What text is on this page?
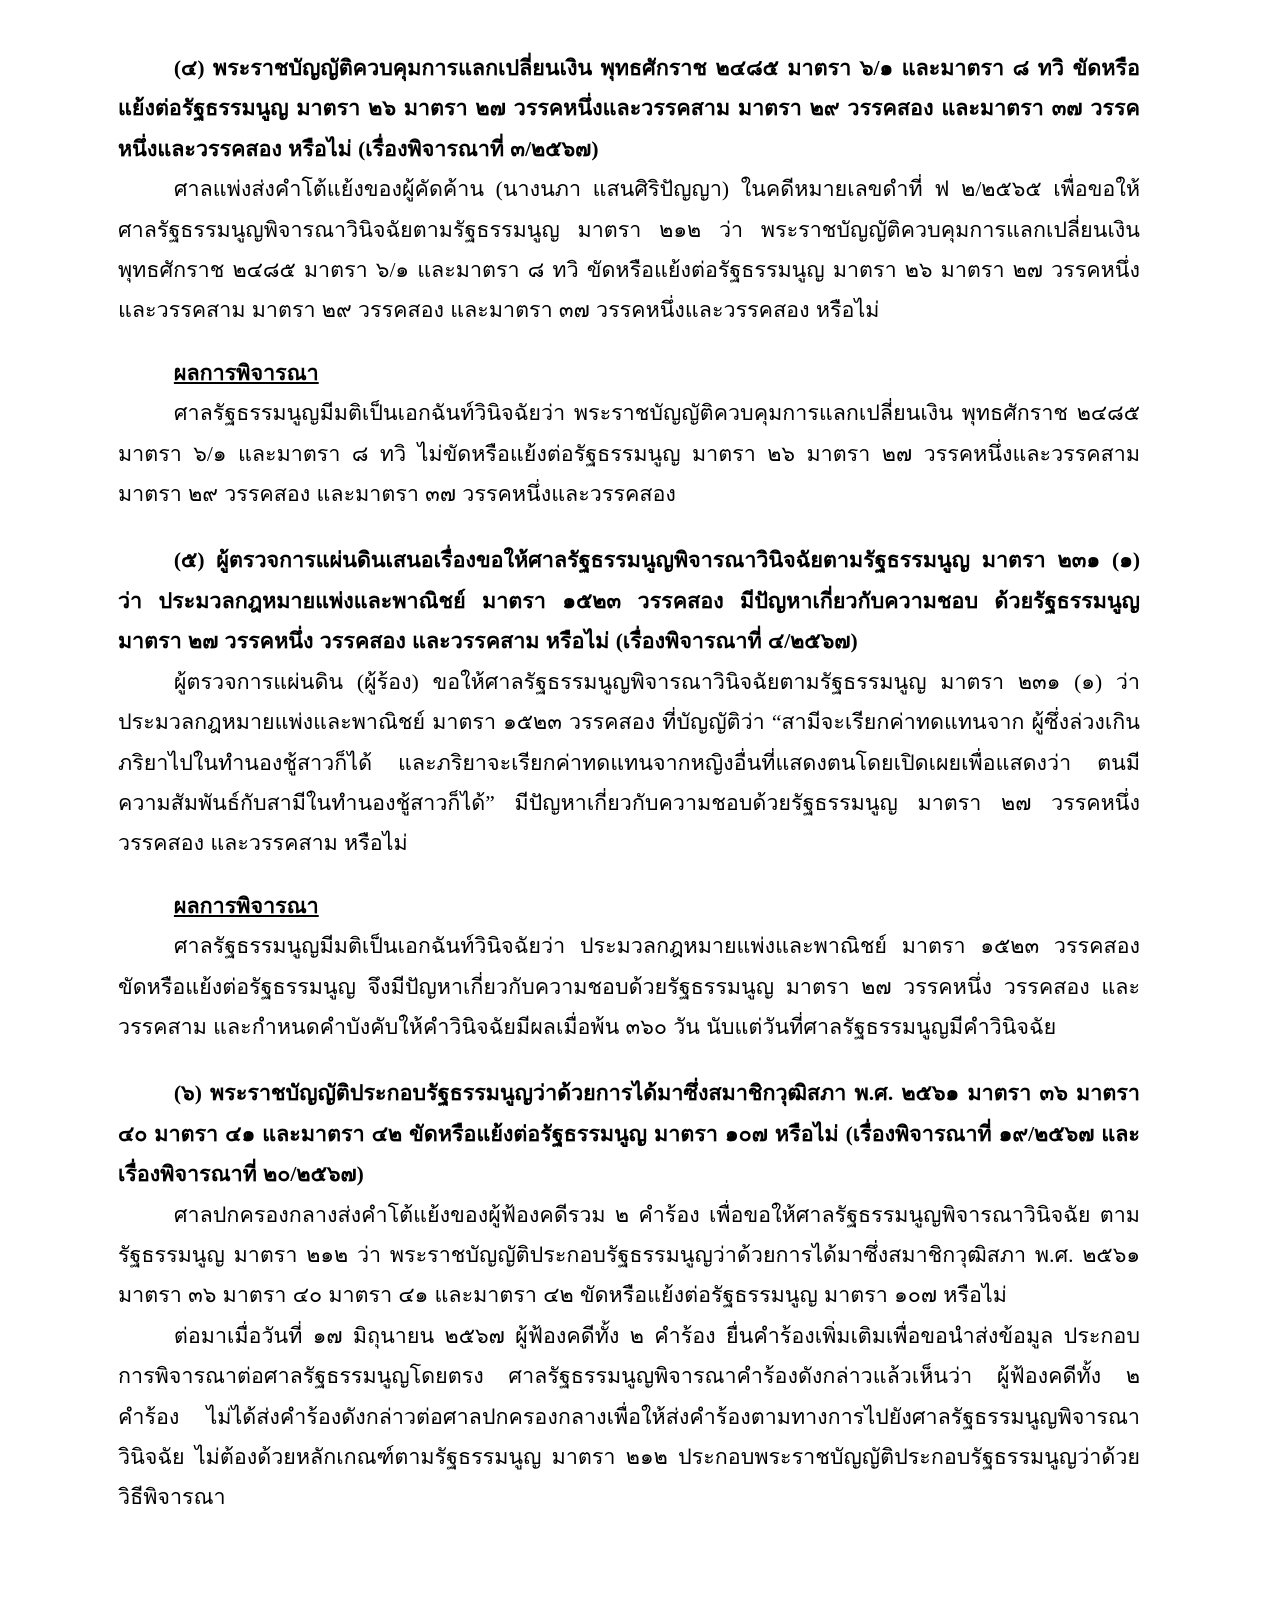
(๔) พระราชบัญญัติควบคุมการแลกเปลี่ยนเงิน พุทธศักราช ๒๔๘๕ มาตรา ๖/๑ และมาตรา ๘ ทวิ ขัดหรือแย้งต่อรัฐธรรมนูญ มาตรา ๒๖ มาตรา ๒๗ วรรคหนึ่งและวรรคสาม มาตรา ๒๙ วรรคสอง และมาตรา ๓๗ วรรคหนึ่งและวรรคสอง หรือไม่ (เรื่องพิจารณาที่ ๓/๒๕๖๗)

ศาลแพ่งส่งคำโต้แย้งของผู้คัดค้าน (นางนภา แสนศิริปัญญา) ในคดีหมายเลขดำที่ ฟ ๒/๒๕๖๕ เพื่อขอให้ศาลรัฐธรรมนูญพิจารณาวินิจฉัยตามรัฐธรรมนูญ มาตรา ๒๑๒ ว่า พระราชบัญญัติควบคุมการแลกเปลี่ยนเงิน พุทธศักราช ๒๔๘๕ มาตรา ๖/๑ และมาตรา ๘ ทวิ ขัดหรือแย้งต่อรัฐธรรมนูญ มาตรา ๒๖ มาตรา ๒๗ วรรคหนึ่งและวรรคสาม มาตรา ๒๙ วรรคสอง และมาตรา ๓๗ วรรคหนึ่งและวรรคสอง หรือไม่

ผลการพิจารณา

ศาลรัฐธรรมนูญมีมติเป็นเอกฉันท์วินิจฉัยว่า พระราชบัญญัติควบคุมการแลกเปลี่ยนเงิน พุทธศักราช ๒๔๘๕ มาตรา ๖/๑ และมาตรา ๘ ทวิ ไม่ขัดหรือแย้งต่อรัฐธรรมนูญ มาตรา ๒๖ มาตรา ๒๗ วรรคหนึ่งและวรรคสาม มาตรา ๒๙ วรรคสอง และมาตรา ๓๗ วรรคหนึ่งและวรรคสอง

(๕) ผู้ตรวจการแผ่นดินเสนอเรื่องขอให้ศาลรัฐธรรมนูญพิจารณาวินิจฉัยตามรัฐธรรมนูญ มาตรา ๒๓๑ (๑) ว่า ประมวลกฎหมายแพ่งและพาณิชย์ มาตรา ๑๕๒๓ วรรคสอง มีปัญหาเกี่ยวกับความชอบ ด้วยรัฐธรรมนูญ มาตรา ๒๗ วรรคหนึ่ง วรรคสอง และวรรคสาม หรือไม่ (เรื่องพิจารณาที่ ๔/๒๕๖๗)

ผู้ตรวจการแผ่นดิน (ผู้ร้อง) ขอให้ศาลรัฐธรรมนูญพิจารณาวินิจฉัยตามรัฐธรรมนูญ มาตรา ๒๓๑ (๑) ว่า ประมวลกฎหมายแพ่งและพาณิชย์ มาตรา ๑๕๒๓ วรรคสอง ที่บัญญัติว่า “สามีจะเรียกค่าทดแทนจาก ผู้ซึ่งล่วงเกินภริยาไปในทำนองชู้สาวก็ได้ และภริยาจะเรียกค่าทดแทนจากหญิงอื่นที่แสดงตนโดยเปิดเผยเพื่อแสดงว่า ตนมีความสัมพันธ์กับสามีในทำนองชู้สาวก็ได้” มีปัญหาเกี่ยวกับความชอบด้วยรัฐธรรมนูญ มาตรา ๒๗ วรรคหนึ่ง วรรคสอง และวรรคสาม หรือไม่

ผลการพิจารณา

ศาลรัฐธรรมนูญมีมติเป็นเอกฉันท์วินิจฉัยว่า ประมวลกฎหมายแพ่งและพาณิชย์ มาตรา ๑๕๒๓ วรรคสอง ขัดหรือแย้งต่อรัฐธรรมนูญ จึงมีปัญหาเกี่ยวกับความชอบด้วยรัฐธรรมนูญ มาตรา ๒๗ วรรคหนึ่ง วรรคสอง และวรรคสาม และกำหนดคำบังคับให้คำวินิจฉัยมีผลเมื่อพ้น ๓๖๐ วัน นับแต่วันที่ศาลรัฐธรรมนูญมีคำวินิจฉัย

(๖) พระราชบัญญัติประกอบรัฐธรรมนูญว่าด้วยการได้มาซึ่งสมาชิกวุฒิสภา พ.ศ. ๒๕๖๑ มาตรา ๓๖ มาตรา ๔๐ มาตรา ๔๑ และมาตรา ๔๒ ขัดหรือแย้งต่อรัฐธรรมนูญ มาตรา ๑๐๗ หรือไม่ (เรื่องพิจารณาที่ ๑๙/๒๕๖๗ และเรื่องพิจารณาที่ ๒๐/๒๕๖๗)

ศาลปกครองกลางส่งคำโต้แย้งของผู้ฟ้องคดีรวม ๒ คำร้อง เพื่อขอให้ศาลรัฐธรรมนูญพิจารณาวินิจฉัย ตามรัฐธรรมนูญ มาตรา ๒๑๒ ว่า พระราชบัญญัติประกอบรัฐธรรมนูญว่าด้วยการได้มาซึ่งสมาชิกวุฒิสภา พ.ศ. ๒๕๖๑ มาตรา ๓๖ มาตรา ๔๐ มาตรา ๔๑ และมาตรา ๔๒ ขัดหรือแย้งต่อรัฐธรรมนูญ มาตรา ๑๐๗ หรือไม่

ต่อมาเมื่อวันที่ ๑๗ มิถุนายน ๒๕๖๗ ผู้ฟ้องคดีทั้ง ๒ คำร้อง ยื่นคำร้องเพิ่มเติมเพื่อขอนำส่งข้อมูล ประกอบการพิจารณาต่อศาลรัฐธรรมนูญโดยตรง ศาลรัฐธรรมนูญพิจารณาคำร้องดังกล่าวแล้วเห็นว่า ผู้ฟ้องคดีทั้ง ๒ คำร้อง ไม่ได้ส่งคำร้องดังกล่าวต่อศาลปกครองกลางเพื่อให้ส่งคำร้องตามทางการไปยังศาลรัฐธรรมนูญพิจารณาวินิจฉัย ไม่ต้องด้วยหลักเกณฑ์ตามรัฐธรรมนูญ มาตรา ๒๑๒ ประกอบพระราชบัญญัติประกอบรัฐธรรมนูญว่าด้วยวิธีพิจารณา
